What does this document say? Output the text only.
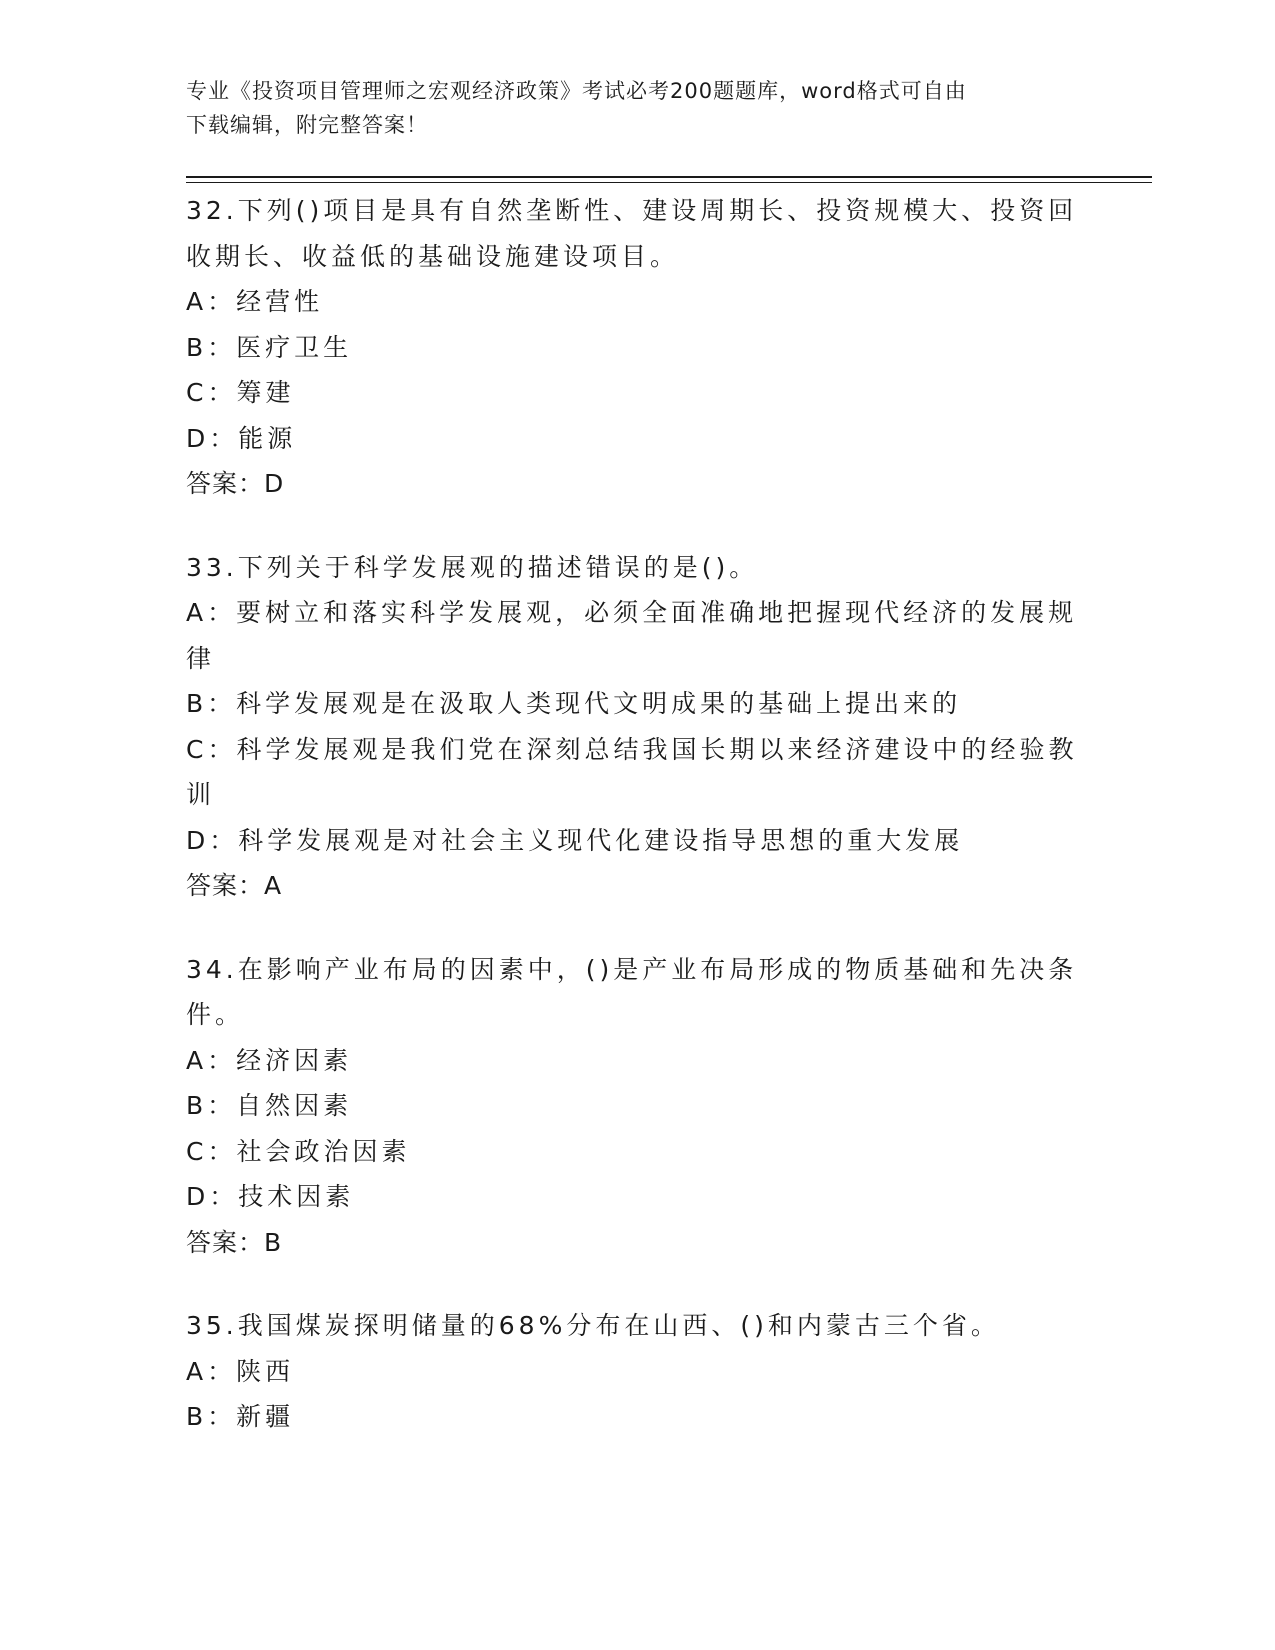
专业《投资项目管理师之宏观经济政策》考试必考200题题库，word格式可自由
下载编辑，附完整答案！
32.下列()项目是具有自然垄断性、建设周期长、投资规模大、投资回
收期长、收益低的基础设施建设项目。
A：经营性
B：医疗卫生
C：筹建
D：能源
答案：D
33.下列关于科学发展观的描述错误的是()。
A：要树立和落实科学发展观，必须全面准确地把握现代经济的发展规
律
B：科学发展观是在汲取人类现代文明成果的基础上提出来的
C：科学发展观是我们党在深刻总结我国长期以来经济建设中的经验教
训
D：科学发展观是对社会主义现代化建设指导思想的重大发展
答案：A
34.在影响产业布局的因素中，()是产业布局形成的物质基础和先决条
件。
A：经济因素
B：自然因素
C：社会政治因素
D：技术因素
答案：B
35.我国煤炭探明储量的68%分布在山西、()和内蒙古三个省。
A：陕西
B：新疆
